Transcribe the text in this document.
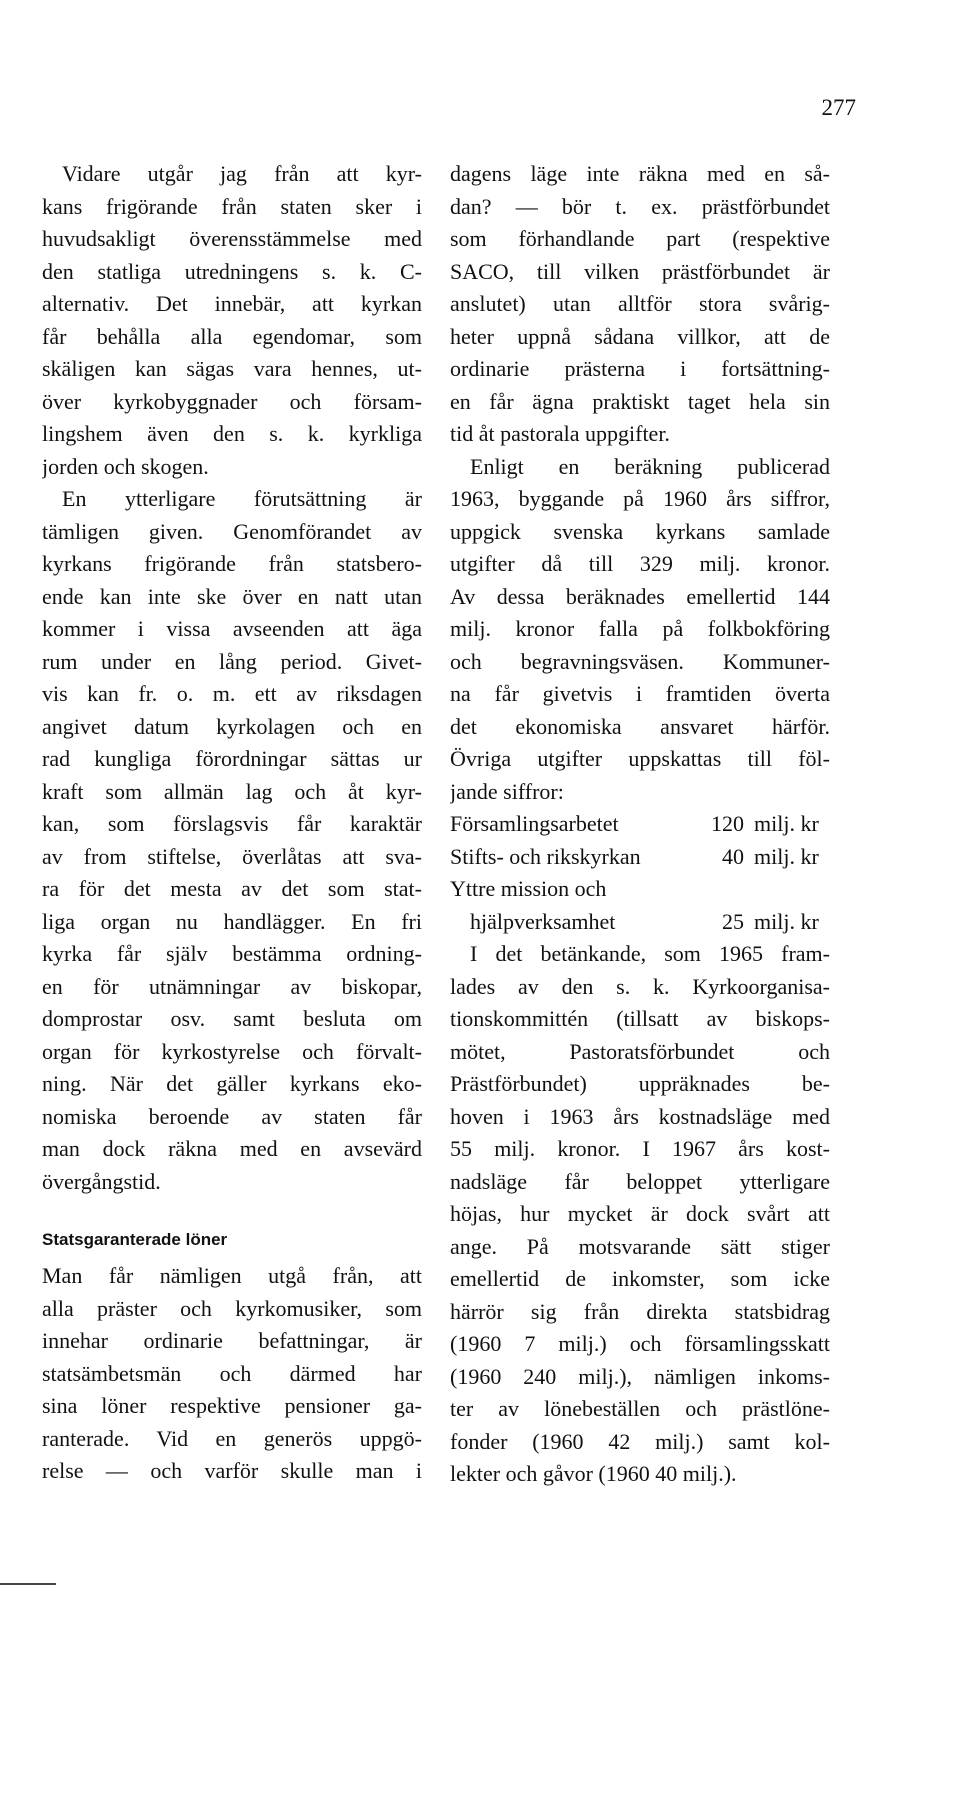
277
Vidare utgår jag från att kyr-
kans frigörande från staten sker i
huvudsakligt överensstämmelse med
den statliga utredningens s. k. C-
alternativ. Det innebär, att kyrkan
får behålla alla egendomar, som
skäligen kan sägas vara hennes, ut-
över kyrkobyggnader och försam-
lingshem även den s. k. kyrkliga
jorden och skogen.
En ytterligare förutsättning är
tämligen given. Genomförandet av
kyrkans frigörande från statsbero-
ende kan inte ske över en natt utan
kommer i vissa avseenden att äga
rum under en lång period. Givet-
vis kan fr. o. m. ett av riksdagen
angivet datum kyrkolagen och en
rad kungliga förordningar sättas ur
kraft som allmän lag och åt kyr-
kan, som förslagsvis får karaktär
av from stiftelse, överlåtas att sva-
ra för det mesta av det som stat-
liga organ nu handlägger. En fri
kyrka får själv bestämma ordning-
en för utnämningar av biskopar,
domprostar osv. samt besluta om
organ för kyrkostyrelse och förvalt-
ning. När det gäller kyrkans eko-
nomiska beroende av staten får
man dock räkna med en avsevärd
övergångstid.
Statsgaranterade löner
Man får nämligen utgå från, att
alla präster och kyrkomusiker, som
innehar ordinarie befattningar, är
statsämbetsmän och därmed har
sina löner respektive pensioner ga-
ranterade. Vid en generös uppgö-
relse — och varför skulle man i
dagens läge inte räkna med en så-
dan? — bör t. ex. prästförbundet
som förhandlande part (respektive
SACO, till vilken prästförbundet är
anslutet) utan alltför stora svårig-
heter uppnå sådana villkor, att de
ordinarie prästerna i fortsättning-
en får ägna praktiskt taget hela sin
tid åt pastorala uppgifter.
Enligt en beräkning publicerad
1963, byggande på 1960 års siffror,
uppgick svenska kyrkans samlade
utgifter då till 329 milj. kronor.
Av dessa beräknades emellertid 144
milj. kronor falla på folkbokföring
och begravningsväsen. Kommuner-
na får givetvis i framtiden överta
det ekonomiska ansvaret härför.
Övriga utgifter uppskattas till föl-
jande siffror:
Församlingsarbetet	120 milj. kr
Stifts- och rikskyrkan	40 milj. kr
Yttre mission och
hjälpverksamhet	25 milj. kr
I det betänkande, som 1965 fram-
lades av den s. k. Kyrkoorganisa-
tionskommittén (tillsatt av biskops-
mötet, Pastoratsförbundet och
Prästförbundet) uppräknades be-
hoven i 1963 års kostnadsläge med
55 milj. kronor. I 1967 års kost-
nadsläge får beloppet ytterligare
höjas, hur mycket är dock svårt att
ange. På motsvarande sätt stiger
emellertid de inkomster, som icke
härrör sig från direkta statsbidrag
(1960 7 milj.) och församlingsskatt
(1960 240 milj.), nämligen inkoms-
ter av lönebeställen och prästlöne-
fonder (1960 42 milj.) samt kol-
lekter och gåvor (1960 40 milj.).
